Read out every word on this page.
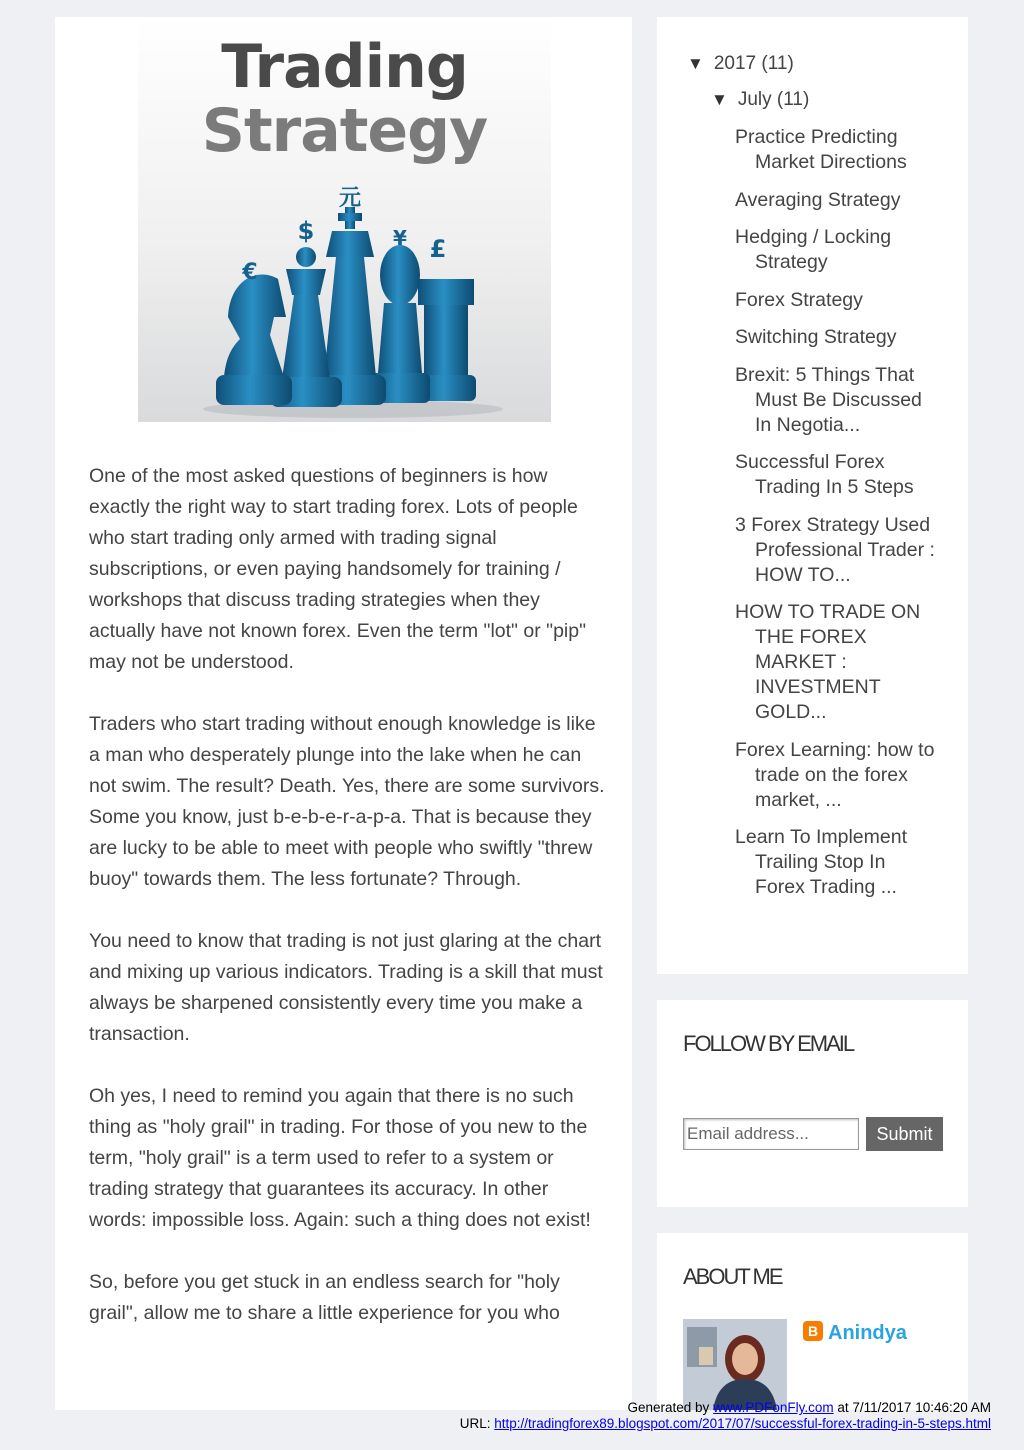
Trading
Strategy
$
元
€
¥ £

One of the most asked questions of beginners is how exactly the right way to start trading forex. Lots of people who start trading only armed with trading signal subscriptions, or even paying handsomely for training / workshops that discuss trading strategies when they actually have not known forex. Even the term "lot" or "pip" may not be understood.

Traders who start trading without enough knowledge is like a man who desperately plunge into the lake when he can not swim. The result? Death. Yes, there are some survivors. Some you know, just b-e-b-e-r-a-p-a. That is because they are lucky to be able to meet with people who swiftly "threw buoy" towards them. The less fortunate? Through.

You need to know that trading is not just glaring at the chart and mixing up various indicators. Trading is a skill that must always be sharpened consistently every time you make a transaction.

Oh yes, I need to remind you again that there is no such thing as "holy grail" in trading. For those of you new to the term, "holy grail" is a term used to refer to a system or trading strategy that guarantees its accuracy. In other words: impossible loss. Again: such a thing does not exist!

So, before you get stuck in an endless search for "holy grail", allow me to share a little experience for you who

▼ 2017 (11)
▼ July (11)
Practice Predicting Market Directions
Averaging Strategy
Hedging / Locking Strategy
Forex Strategy
Switching Strategy
Brexit: 5 Things That Must Be Discussed In Negotia...
Successful Forex Trading In 5 Steps
3 Forex Strategy Used Professional Trader : HOW TO...
HOW TO TRADE ON THE FOREX MARKET : INVESTMENT GOLD...
Forex Learning: how to trade on the forex market, ...
Learn To Implement Trailing Stop In Forex Trading ...
FOLLOW BY EMAIL
Email address...
Submit
ABOUT ME
B Anindya
Generated by www.PDFonFly.com at 7/11/2017 10:46:20 AM
URL: http://tradingforex89.blogspot.com/2017/07/successful-forex-trading-in-5-steps.html
